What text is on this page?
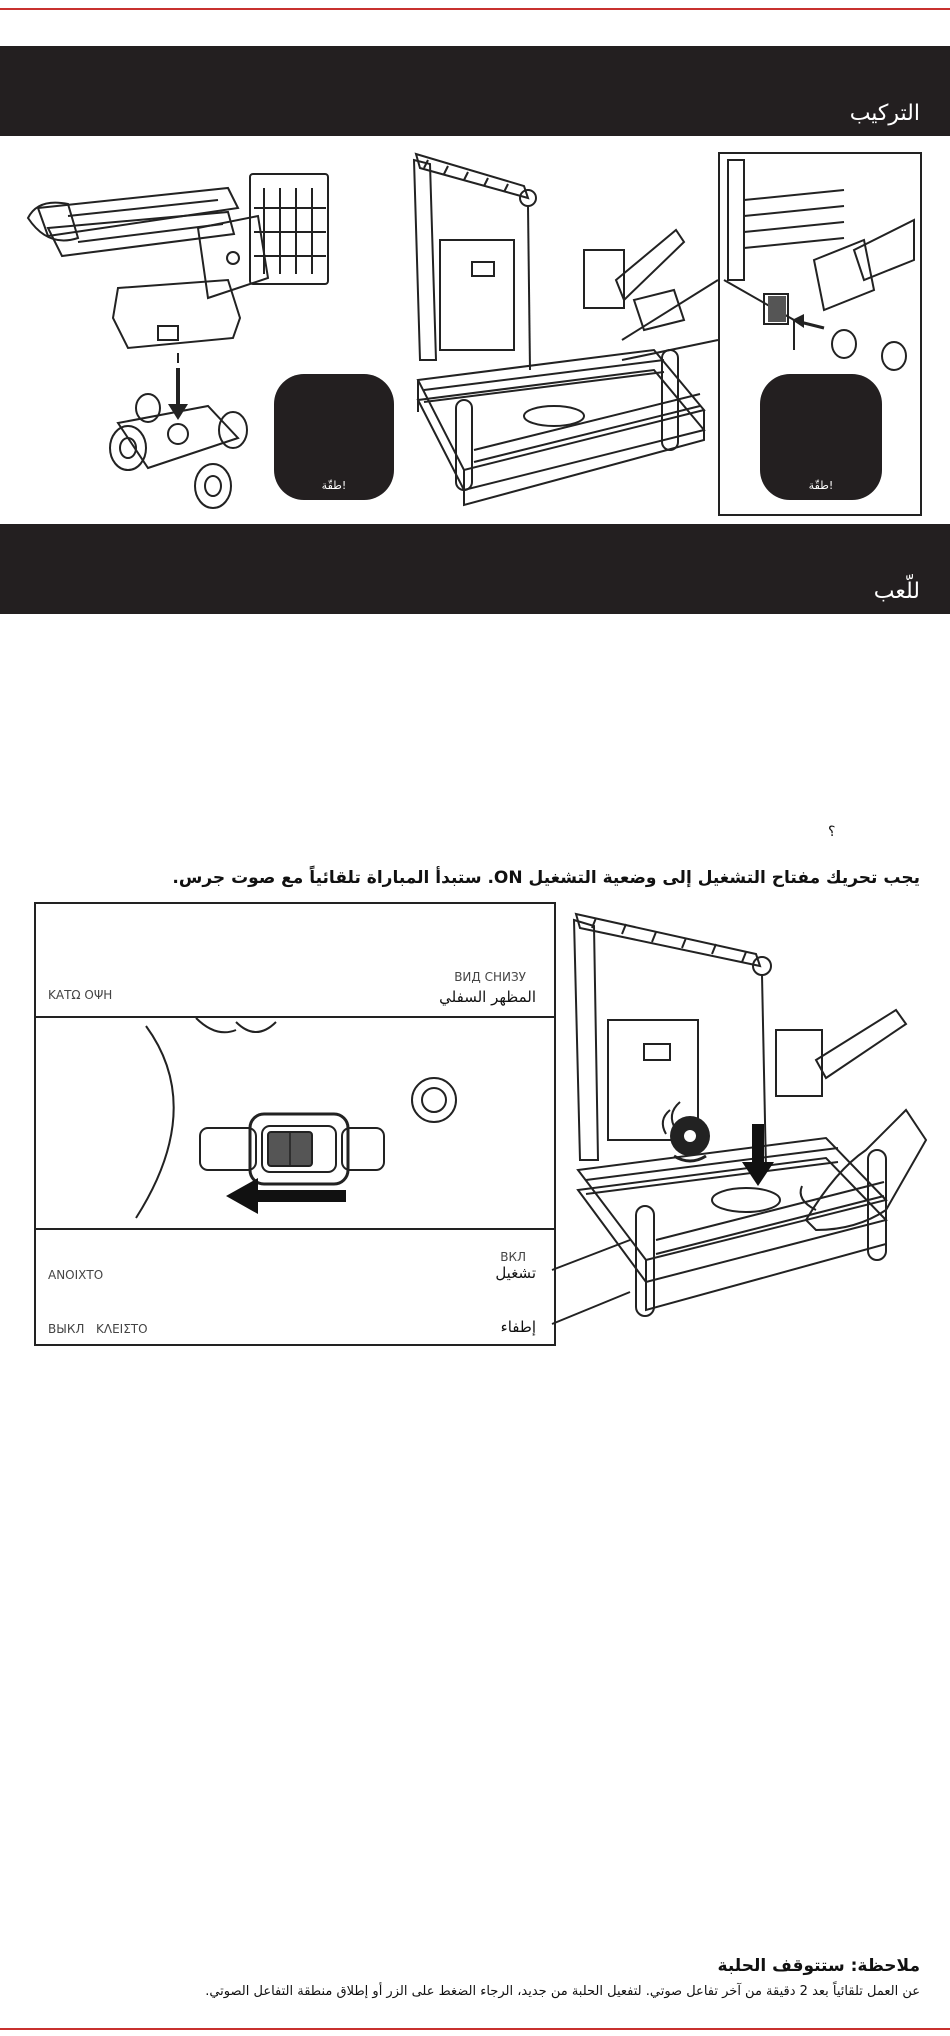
التركيب
طقّة!	طقّة!
للّعب
؟
يجب تحريك مفتاح التشغيل إلى وضعية التشغيل ON. ستبدأ المباراة تلقائياً مع صوت جرس.
ВИД СНИЗУ
المظهر السفلي
ΚΑΤΩ ΟΨΗ
ВКЛ
تشغيل
ΑΝΟΙΧΤΟ
إطفاء
ВЫКЛ ΚΛΕΙΣΤΟ
ملاحظة: ستتوقف الحلبة
عن العمل تلقائياً بعد 2 دقيقة من آخر تفاعل صوتي. لتفعيل الحلبة من جديد، الرجاء الضغط على الزر أو إطلاق منطقة التفاعل الصوتي.
